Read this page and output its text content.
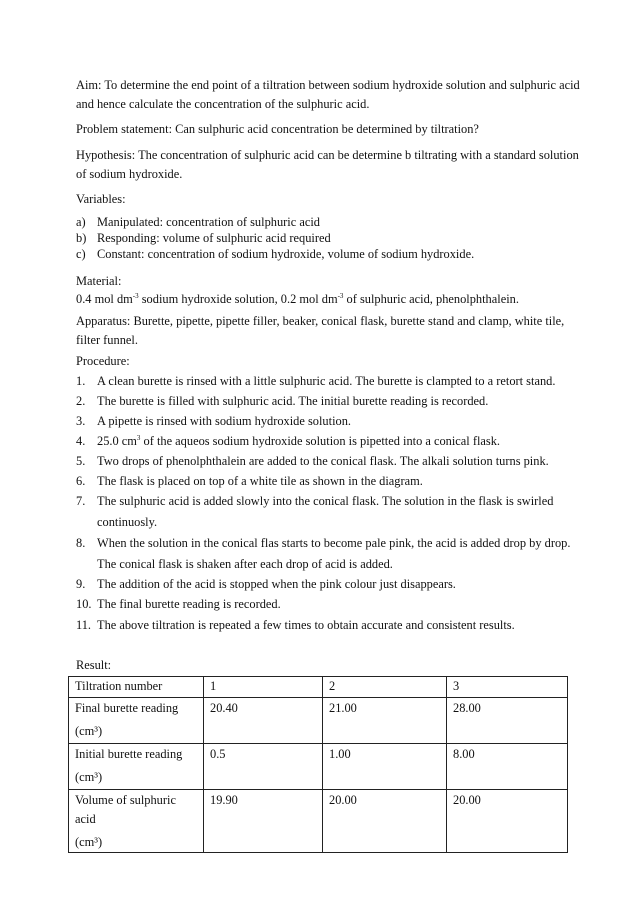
Aim: To determine the end point of a tiltration between sodium hydroxide solution and sulphuric acid
and hence calculate the concentration of the sulphuric acid.
Problem statement: Can sulphuric acid concentration be determined by tiltration?
Hypothesis: The concentration of sulphuric acid can be determine b tiltrating with a standard solution
of sodium hydroxide.
Variables:
a) Manipulated: concentration of sulphuric acid
b) Responding: volume of sulphuric acid required
c) Constant: concentration of sodium hydroxide, volume of sodium hydroxide.
Material:
0.4 mol $dm^{-3}$ sodium hydroxide solution, 0.2 mol $dm^{-3}$ of sulphuric acid, phenolphthalein.
Apparatus: Burette, pipette, pipette filler, beaker, conical flask, burette stand and clamp, white tile,
filter funnel.
Procedure:
1. A clean burette is rinsed with a little sulphuric acid. The burette is clampted to a retort stand.
2. The burette is filled with sulphuric acid. The initial burette reading is recorded.
3. A pipette is rinsed with sodium hydroxide solution.
4. 25.0 $cm^3$ of the aqueos sodium hydroxide solution is pipetted into a conical flask.
5. Two drops of phenolphthalein are added to the conical flask. The alkali solution turns pink.
6. The flask is placed on top of a white tile as shown in the diagram.
7. The sulphuric acid is added slowly into the conical flask. The solution in the flask is swirled
continuosly.
8. When the solution in the conical flas starts to become pale pink, the acid is added drop by drop.
The conical flask is shaken after each drop of acid is added.
9. The addition of the acid is stopped when the pink colour just disappears.
10. The final burette reading is recorded.
11. The above tiltration is repeated a few times to obtain accurate and consistent results.
Result:
Tiltration number	1	2	3

Final burette reading
(cm³)	20.40	21.00	28.00

Initial burette reading
(cm³)	0.5	1.00	8.00

Volume of sulphuric acid
(cm³)	19.90	20.00	20.00
